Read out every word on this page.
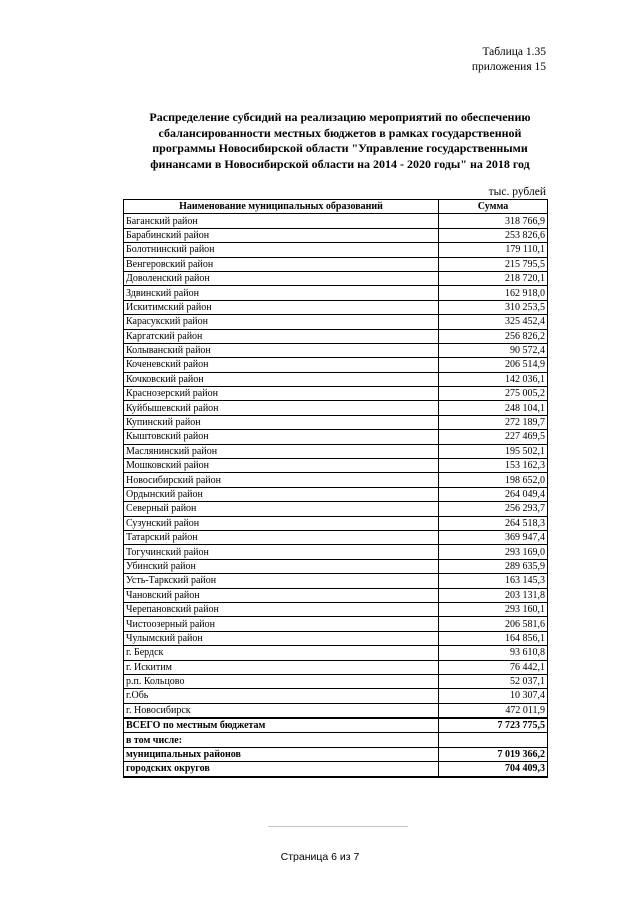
Таблица 1.35
приложения 15
Распределение субсидий на реализацию мероприятий по обеспечению
сбалансированности местных бюджетов в рамках государственной
программы Новосибирской области "Управление государственными
финансами в Новосибирской области на 2014 - 2020 годы" на 2018 год
тыс. рублей
Наименование муниципальных образований	Сумма
Баганский район	318 766,9
Барабинский район	253 826,6
Болотнинский район	179 110,1
Венгеровский район	215 795,5
Доволенский район	218 720,1
Здвинский район	162 918,0
Искитимский район	310 253,5
Карасукский район	325 452,4
Каргатский район	256 826,2
Колыванский район	90 572,4
Коченевский район	206 514,9
Кочковский район	142 036,1
Краснозерский район	275 005,2
Куйбышевский район	248 104,1
Купинский район	272 189,7
Кыштовский район	227 469,5
Маслянинский район	195 502,1
Мошковский район	153 162,3
Новосибирский район	198 652,0
Ордынский район	264 049,4
Северный район	256 293,7
Сузунский район	264 518,3
Татарский район	369 947,4
Тогучинский район	293 169,0
Убинский район	289 635,9
Усть-Таркский район	163 145,3
Чановский район	203 131,8
Черепановский район	293 160,1
Чистоозерный район	206 581,6
Чулымский район	164 856,1
г. Бердск	93 610,8
г. Искитим	76 442,1
р.п. Кольцово	52 037,1
г.Обь	10 307,4
г. Новосибирск	472 011,9
ВСЕГО по местным бюджетам	7 723 775,5
в том числе:	
муниципальных районов	7 019 366,2
городских округов	704 409,3
Страница 6 из 7
